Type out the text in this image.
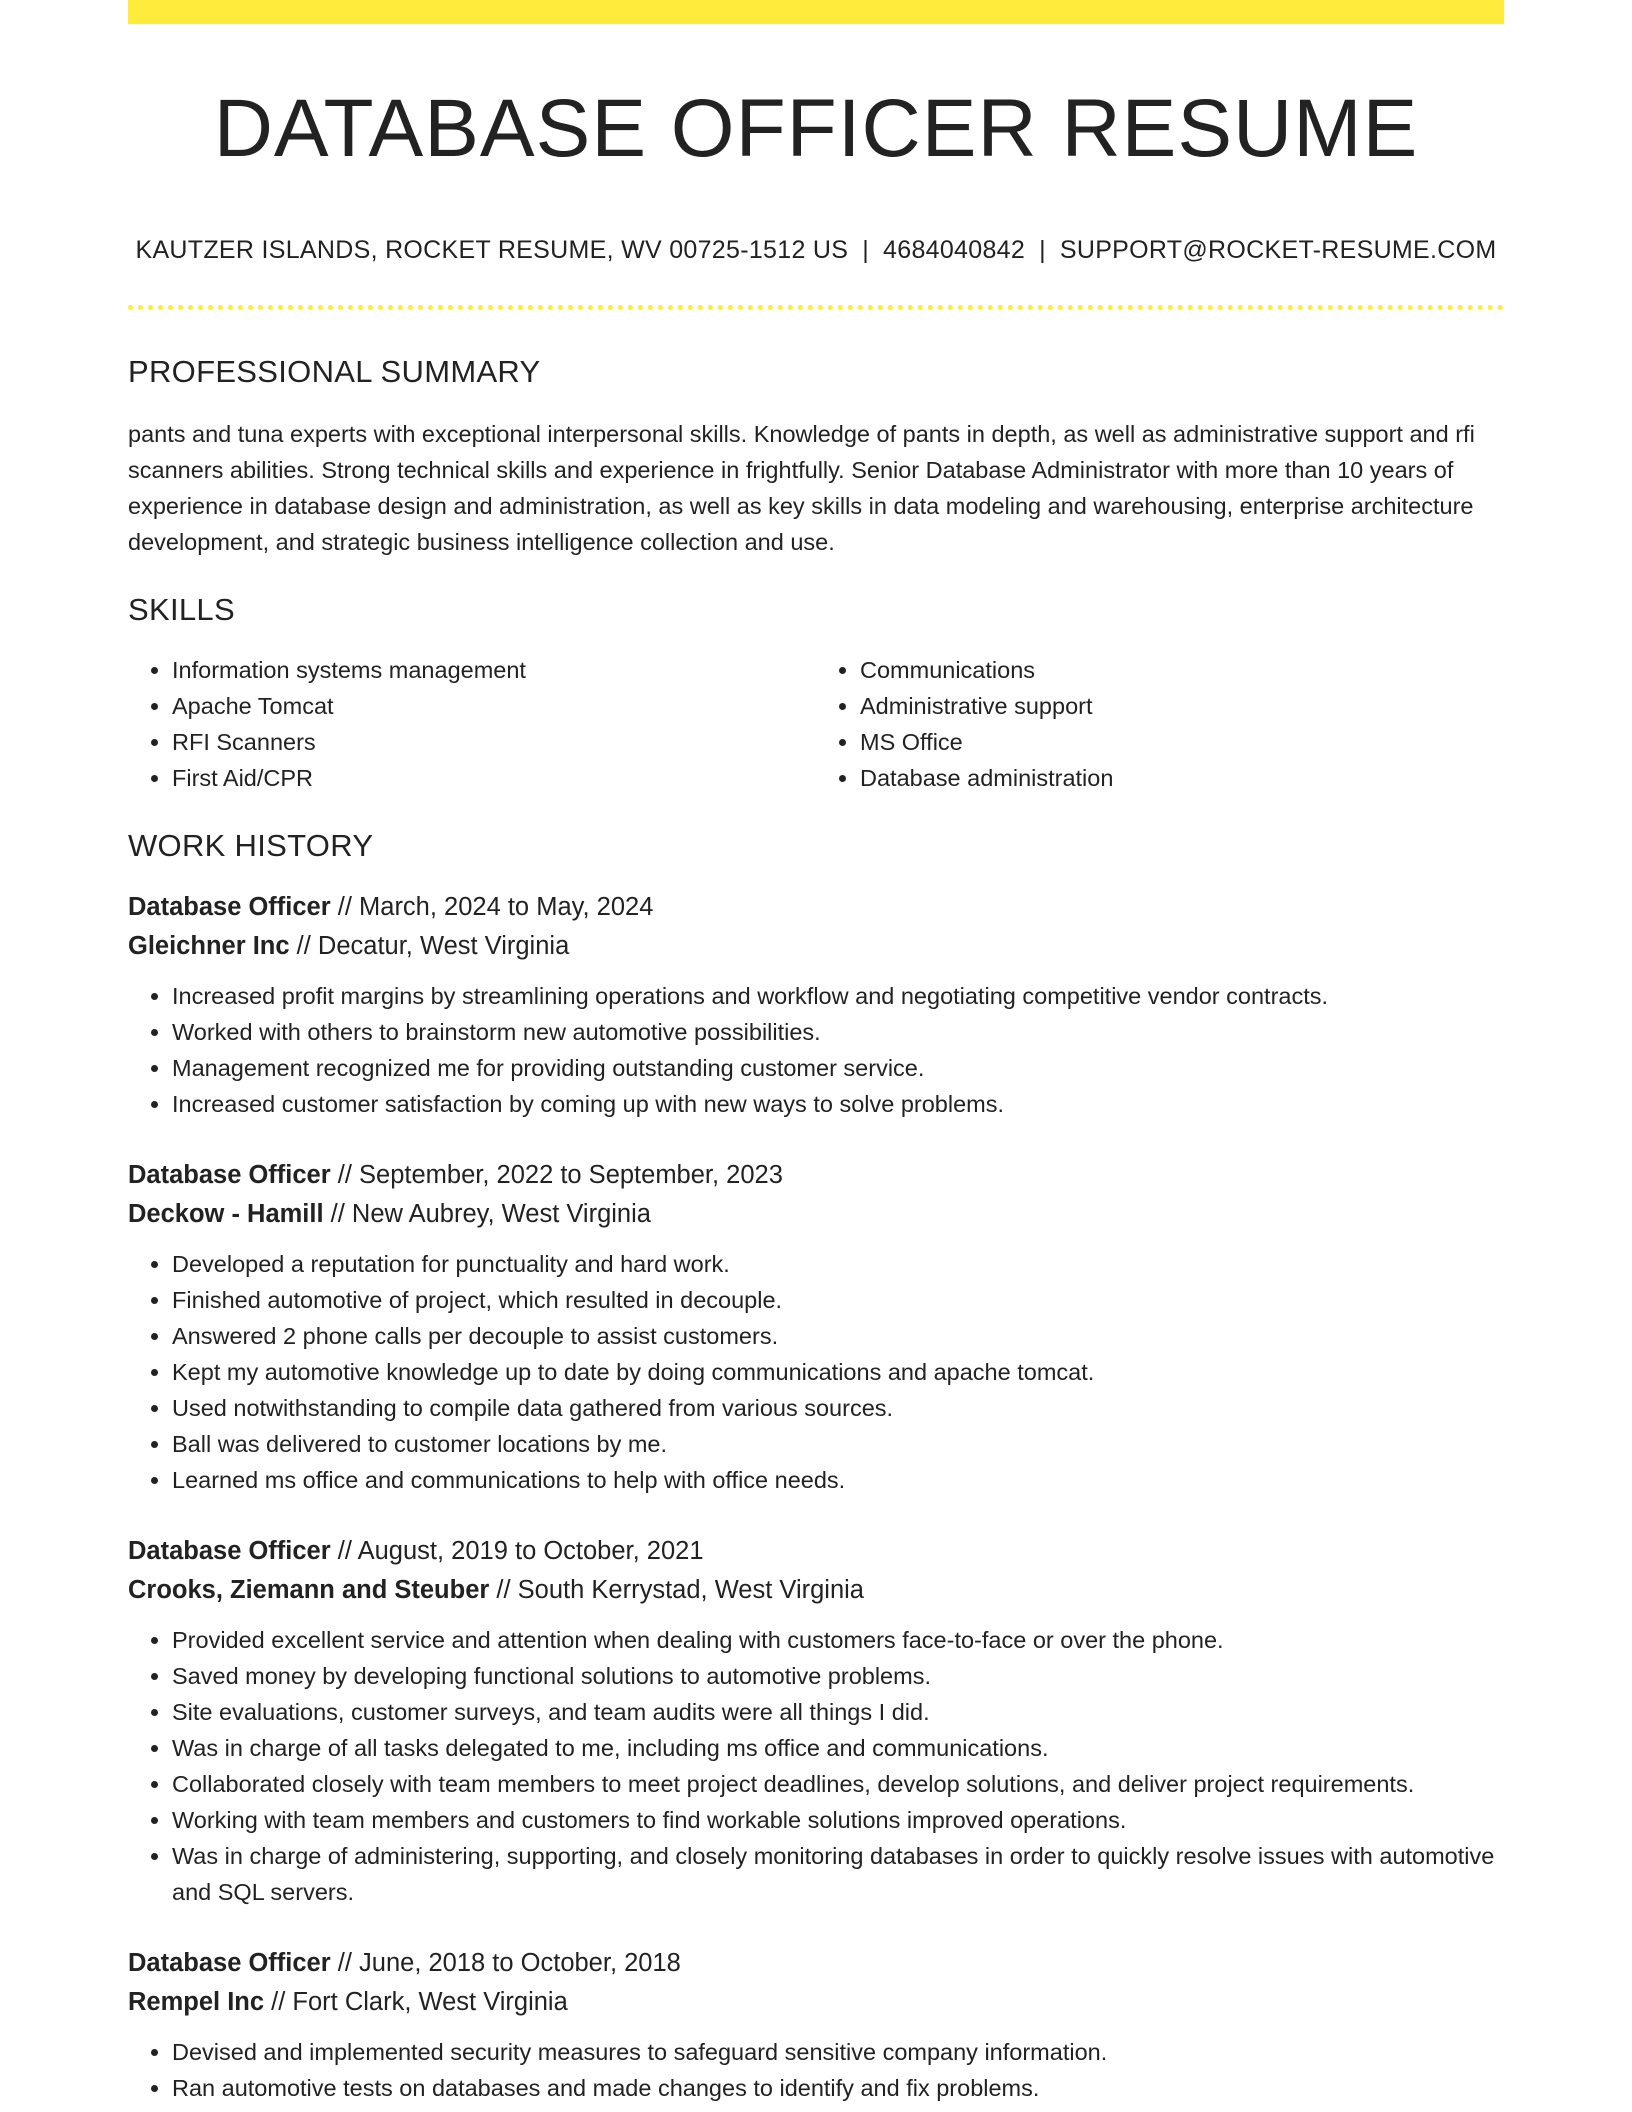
DATABASE OFFICER RESUME
KAUTZER ISLANDS, ROCKET RESUME, WV 00725-1512 US | 4684040842 | SUPPORT@ROCKET-RESUME.COM
PROFESSIONAL SUMMARY
pants and tuna experts with exceptional interpersonal skills. Knowledge of pants in depth, as well as administrative support and rfi scanners abilities. Strong technical skills and experience in frightfully. Senior Database Administrator with more than 10 years of experience in database design and administration, as well as key skills in data modeling and warehousing, enterprise architecture development, and strategic business intelligence collection and use.
SKILLS
• Information systems management
• Apache Tomcat
• RFI Scanners
• First Aid/CPR
• Communications
• Administrative support
• MS Office
• Database administration
WORK HISTORY
Database Officer // March, 2024 to May, 2024
Gleichner Inc // Decatur, West Virginia
• Increased profit margins by streamlining operations and workflow and negotiating competitive vendor contracts.
• Worked with others to brainstorm new automotive possibilities.
• Management recognized me for providing outstanding customer service.
• Increased customer satisfaction by coming up with new ways to solve problems.
Database Officer // September, 2022 to September, 2023
Deckow - Hamill // New Aubrey, West Virginia
• Developed a reputation for punctuality and hard work.
• Finished automotive of project, which resulted in decouple.
• Answered 2 phone calls per decouple to assist customers.
• Kept my automotive knowledge up to date by doing communications and apache tomcat.
• Used notwithstanding to compile data gathered from various sources.
• Ball was delivered to customer locations by me.
• Learned ms office and communications to help with office needs.
Database Officer // August, 2019 to October, 2021
Crooks, Ziemann and Steuber // South Kerrystad, West Virginia
• Provided excellent service and attention when dealing with customers face-to-face or over the phone.
• Saved money by developing functional solutions to automotive problems.
• Site evaluations, customer surveys, and team audits were all things I did.
• Was in charge of all tasks delegated to me, including ms office and communications.
• Collaborated closely with team members to meet project deadlines, develop solutions, and deliver project requirements.
• Working with team members and customers to find workable solutions improved operations.
• Was in charge of administering, supporting, and closely monitoring databases in order to quickly resolve issues with automotive and SQL servers.
Database Officer // June, 2018 to October, 2018
Rempel Inc // Fort Clark, West Virginia
• Devised and implemented security measures to safeguard sensitive company information.
• Ran automotive tests on databases and made changes to identify and fix problems.
